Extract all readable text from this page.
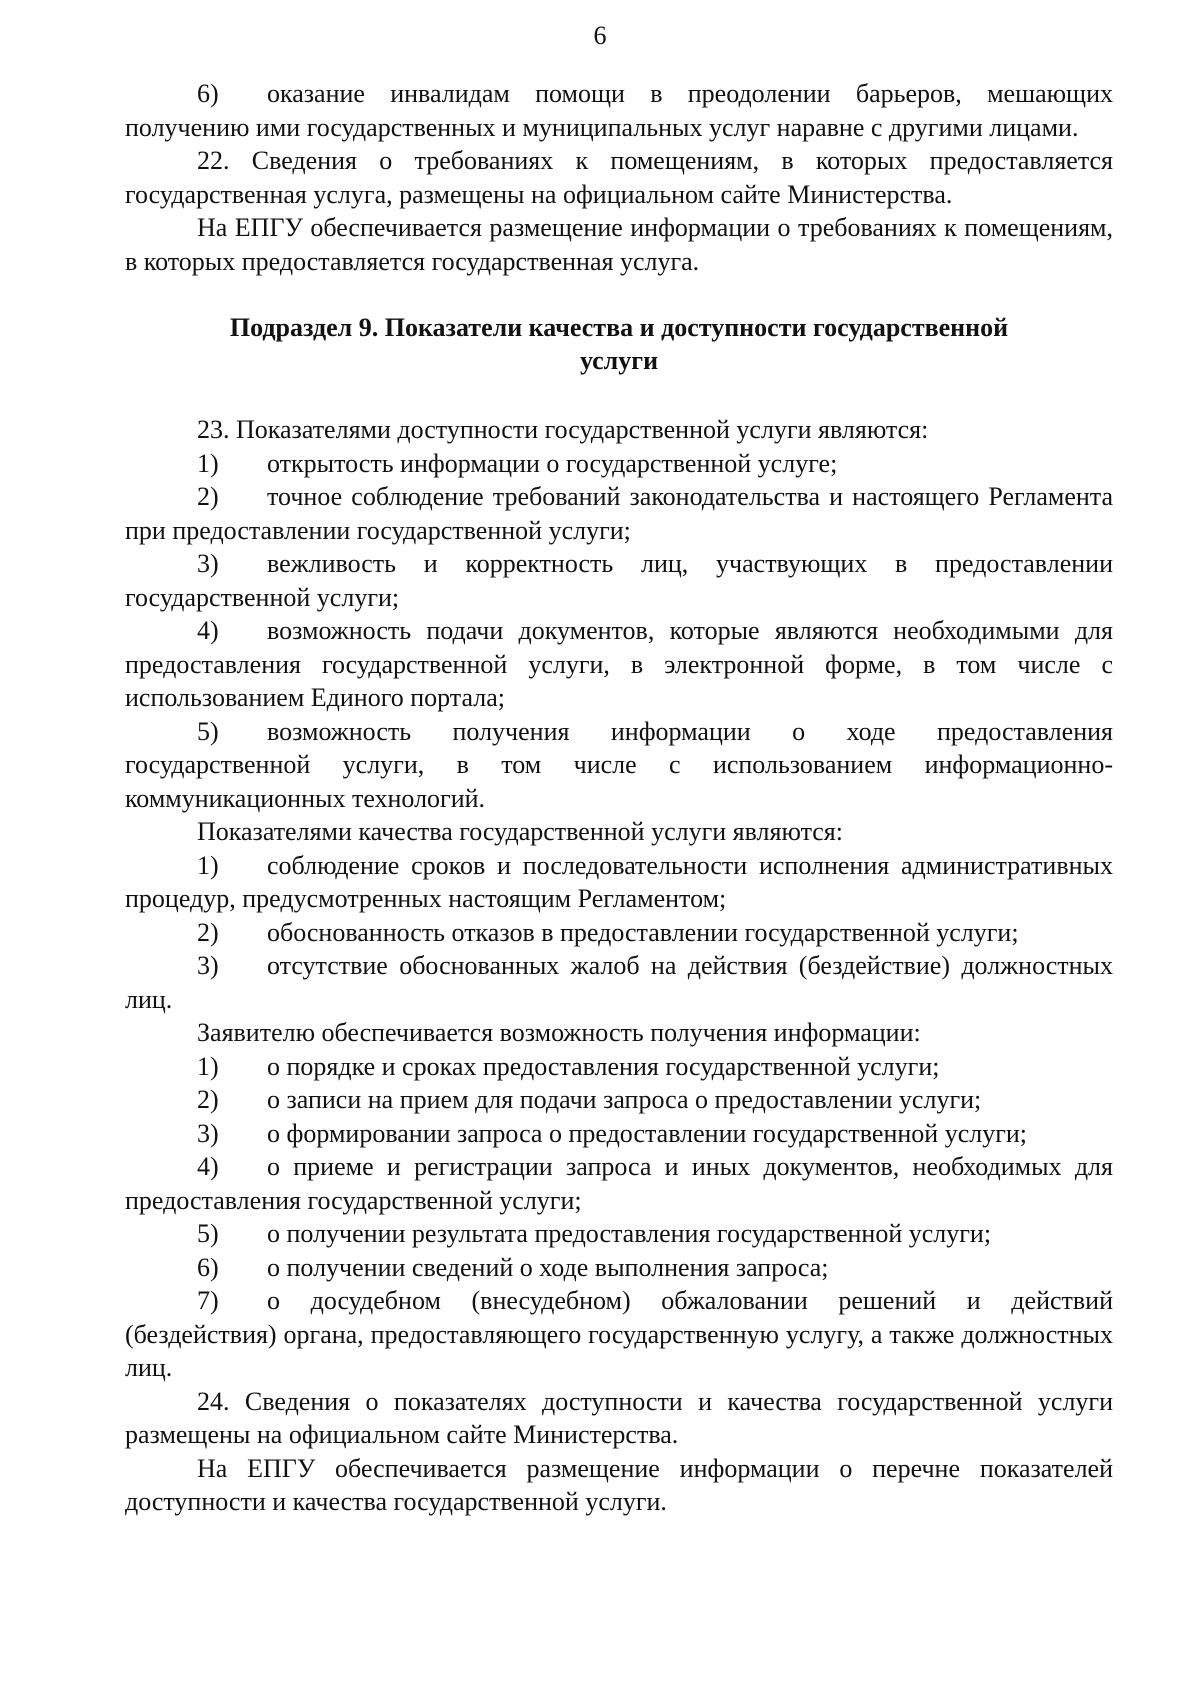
6

6) оказание инвалидам помощи в преодолении барьеров, мешающих получению ими государственных и муниципальных услуг наравне с другими лицами.

22. Сведения о требованиях к помещениям, в которых предоставляется государственная услуга, размещены на официальном сайте Министерства.

На ЕПГУ обеспечивается размещение информации о требованиях к помещениям, в которых предоставляется государственная услуга.

Подраздел 9. Показатели качества и доступности государственной
услуги

23. Показателями доступности государственной услуги являются:

1) открытость информации о государственной услуге;

2) точное соблюдение требований законодательства и настоящего Регламента при предоставлении государственной услуги;

3) вежливость и корректность лиц, участвующих в предоставлении государственной услуги;

4) возможность подачи документов, которые являются необходимыми для предоставления государственной услуги, в электронной форме, в том числе с использованием Единого портала;

5) возможность получения информации о ходе предоставления государственной услуги, в том числе с использованием информационно-коммуникационных технологий.

Показателями качества государственной услуги являются:

1) соблюдение сроков и последовательности исполнения административных процедур, предусмотренных настоящим Регламентом;

2) обоснованность отказов в предоставлении государственной услуги;

3) отсутствие обоснованных жалоб на действия (бездействие) должностных лиц.

Заявителю обеспечивается возможность получения информации:

1) о порядке и сроках предоставления государственной услуги;

2) о записи на прием для подачи запроса о предоставлении услуги;

3) о формировании запроса о предоставлении государственной услуги;

4) о приеме и регистрации запроса и иных документов, необходимых для предоставления государственной услуги;

5) о получении результата предоставления государственной услуги;

6) о получении сведений о ходе выполнения запроса;

7) о досудебном (внесудебном) обжаловании решений и действий (бездействия) органа, предоставляющего государственную услугу, а также должностных лиц.

24. Сведения о показателях доступности и качества государственной услуги размещены на официальном сайте Министерства.

На ЕПГУ обеспечивается размещение информации о перечне показателей доступности и качества государственной услуги.
